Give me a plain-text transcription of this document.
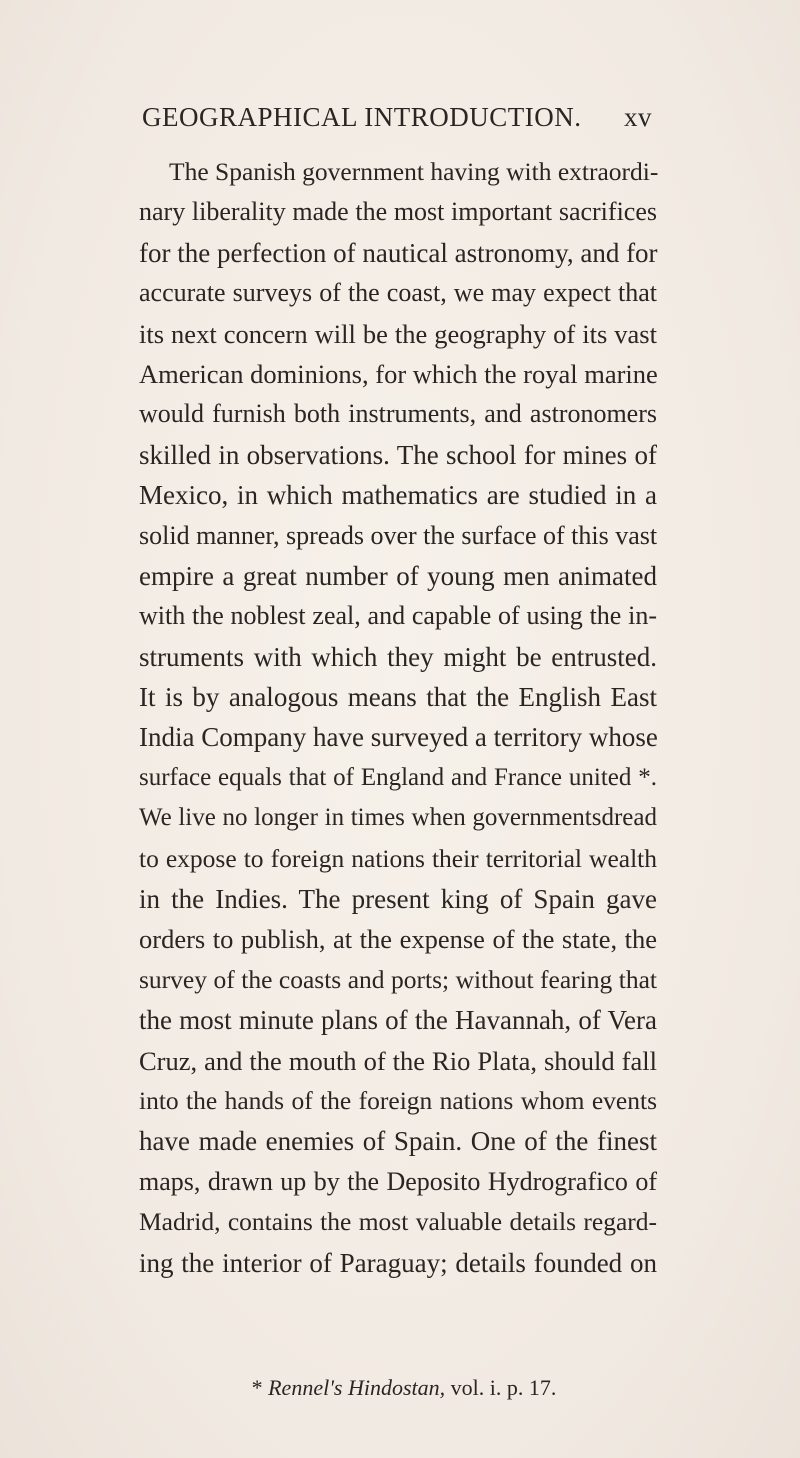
GEOGRAPHICAL INTRODUCTION. xv
The Spanish government having with extraordi-
nary liberality made the most important sacrifices
for the perfection of nautical astronomy, and for
accurate surveys of the coast, we may expect that
its next concern will be the geography of its vast
American dominions, for which the royal marine
would furnish both instruments, and astronomers
skilled in observations. The school for mines of
Mexico, in which mathematics are studied in a
solid manner, spreads over the surface of this vast
empire a great number of young men animated
with the noblest zeal, and capable of using the in-
struments with which they might be entrusted.
It is by analogous means that the English East
India Company have surveyed a territory whose
surface equals that of England and France united *.
We live no longer in times when governmentsdread
to expose to foreign nations their territorial wealth
in the Indies. The present king of Spain gave
orders to publish, at the expense of the state, the
survey of the coasts and ports; without fearing that
the most minute plans of the Havannah, of Vera
Cruz, and the mouth of the Rio Plata, should fall
into the hands of the foreign nations whom events
have made enemies of Spain. One of the finest
maps, drawn up by the Deposito Hydrografico of
Madrid, contains the most valuable details regard-
ing the interior of Paraguay; details founded on
* Rennel's Hindostan, vol. i. p. 17.
